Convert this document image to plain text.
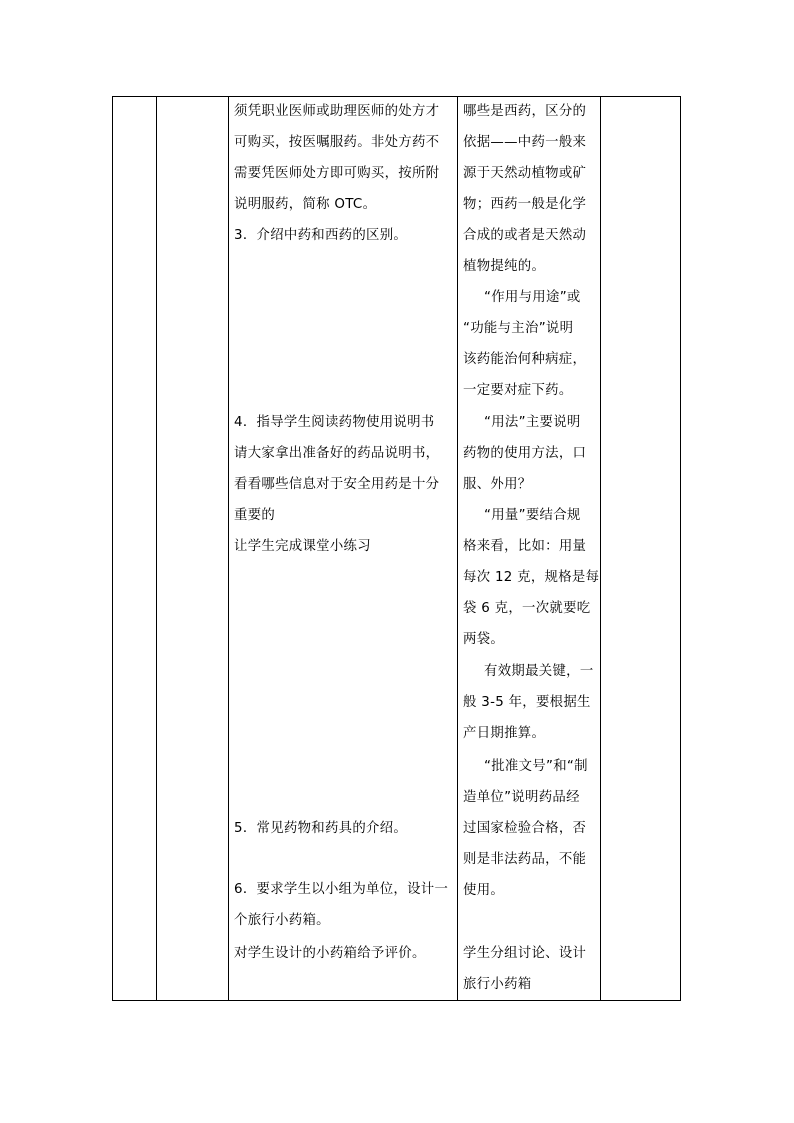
须凭职业医师或助理医师的处方才
可购买，按医嘱服药。非处方药不
需要凭医师处方即可购买，按所附
说明服药，简称 OTC。
3．介绍中药和西药的区别。
4．指导学生阅读药物使用说明书
请大家拿出准备好的药品说明书，
看看哪些信息对于安全用药是十分
重要的
让学生完成课堂小练习
5．常见药物和药具的介绍。
6．要求学生以小组为单位，设计一
个旅行小药箱。
对学生设计的小药箱给予评价。
哪些是西药，区分的
依据——中药一般来
源于天然动植物或矿
物；西药一般是化学
合成的或者是天然动
植物提纯的。
“作用与用途”或
“功能与主治”说明
该药能治何种病症，
一定要对症下药。
“用法”主要说明
药物的使用方法，口
服、外用？
“用量”要结合规
格来看，比如：用量
每次 12 克，规格是每
袋 6 克，一次就要吃
两袋。
有效期最关键，一
般 3-5 年，要根据生
产日期推算。
“批准文号”和“制
造单位”说明药品经
过国家检验合格，否
则是非法药品，不能
使用。
学生分组讨论、设计
旅行小药箱
